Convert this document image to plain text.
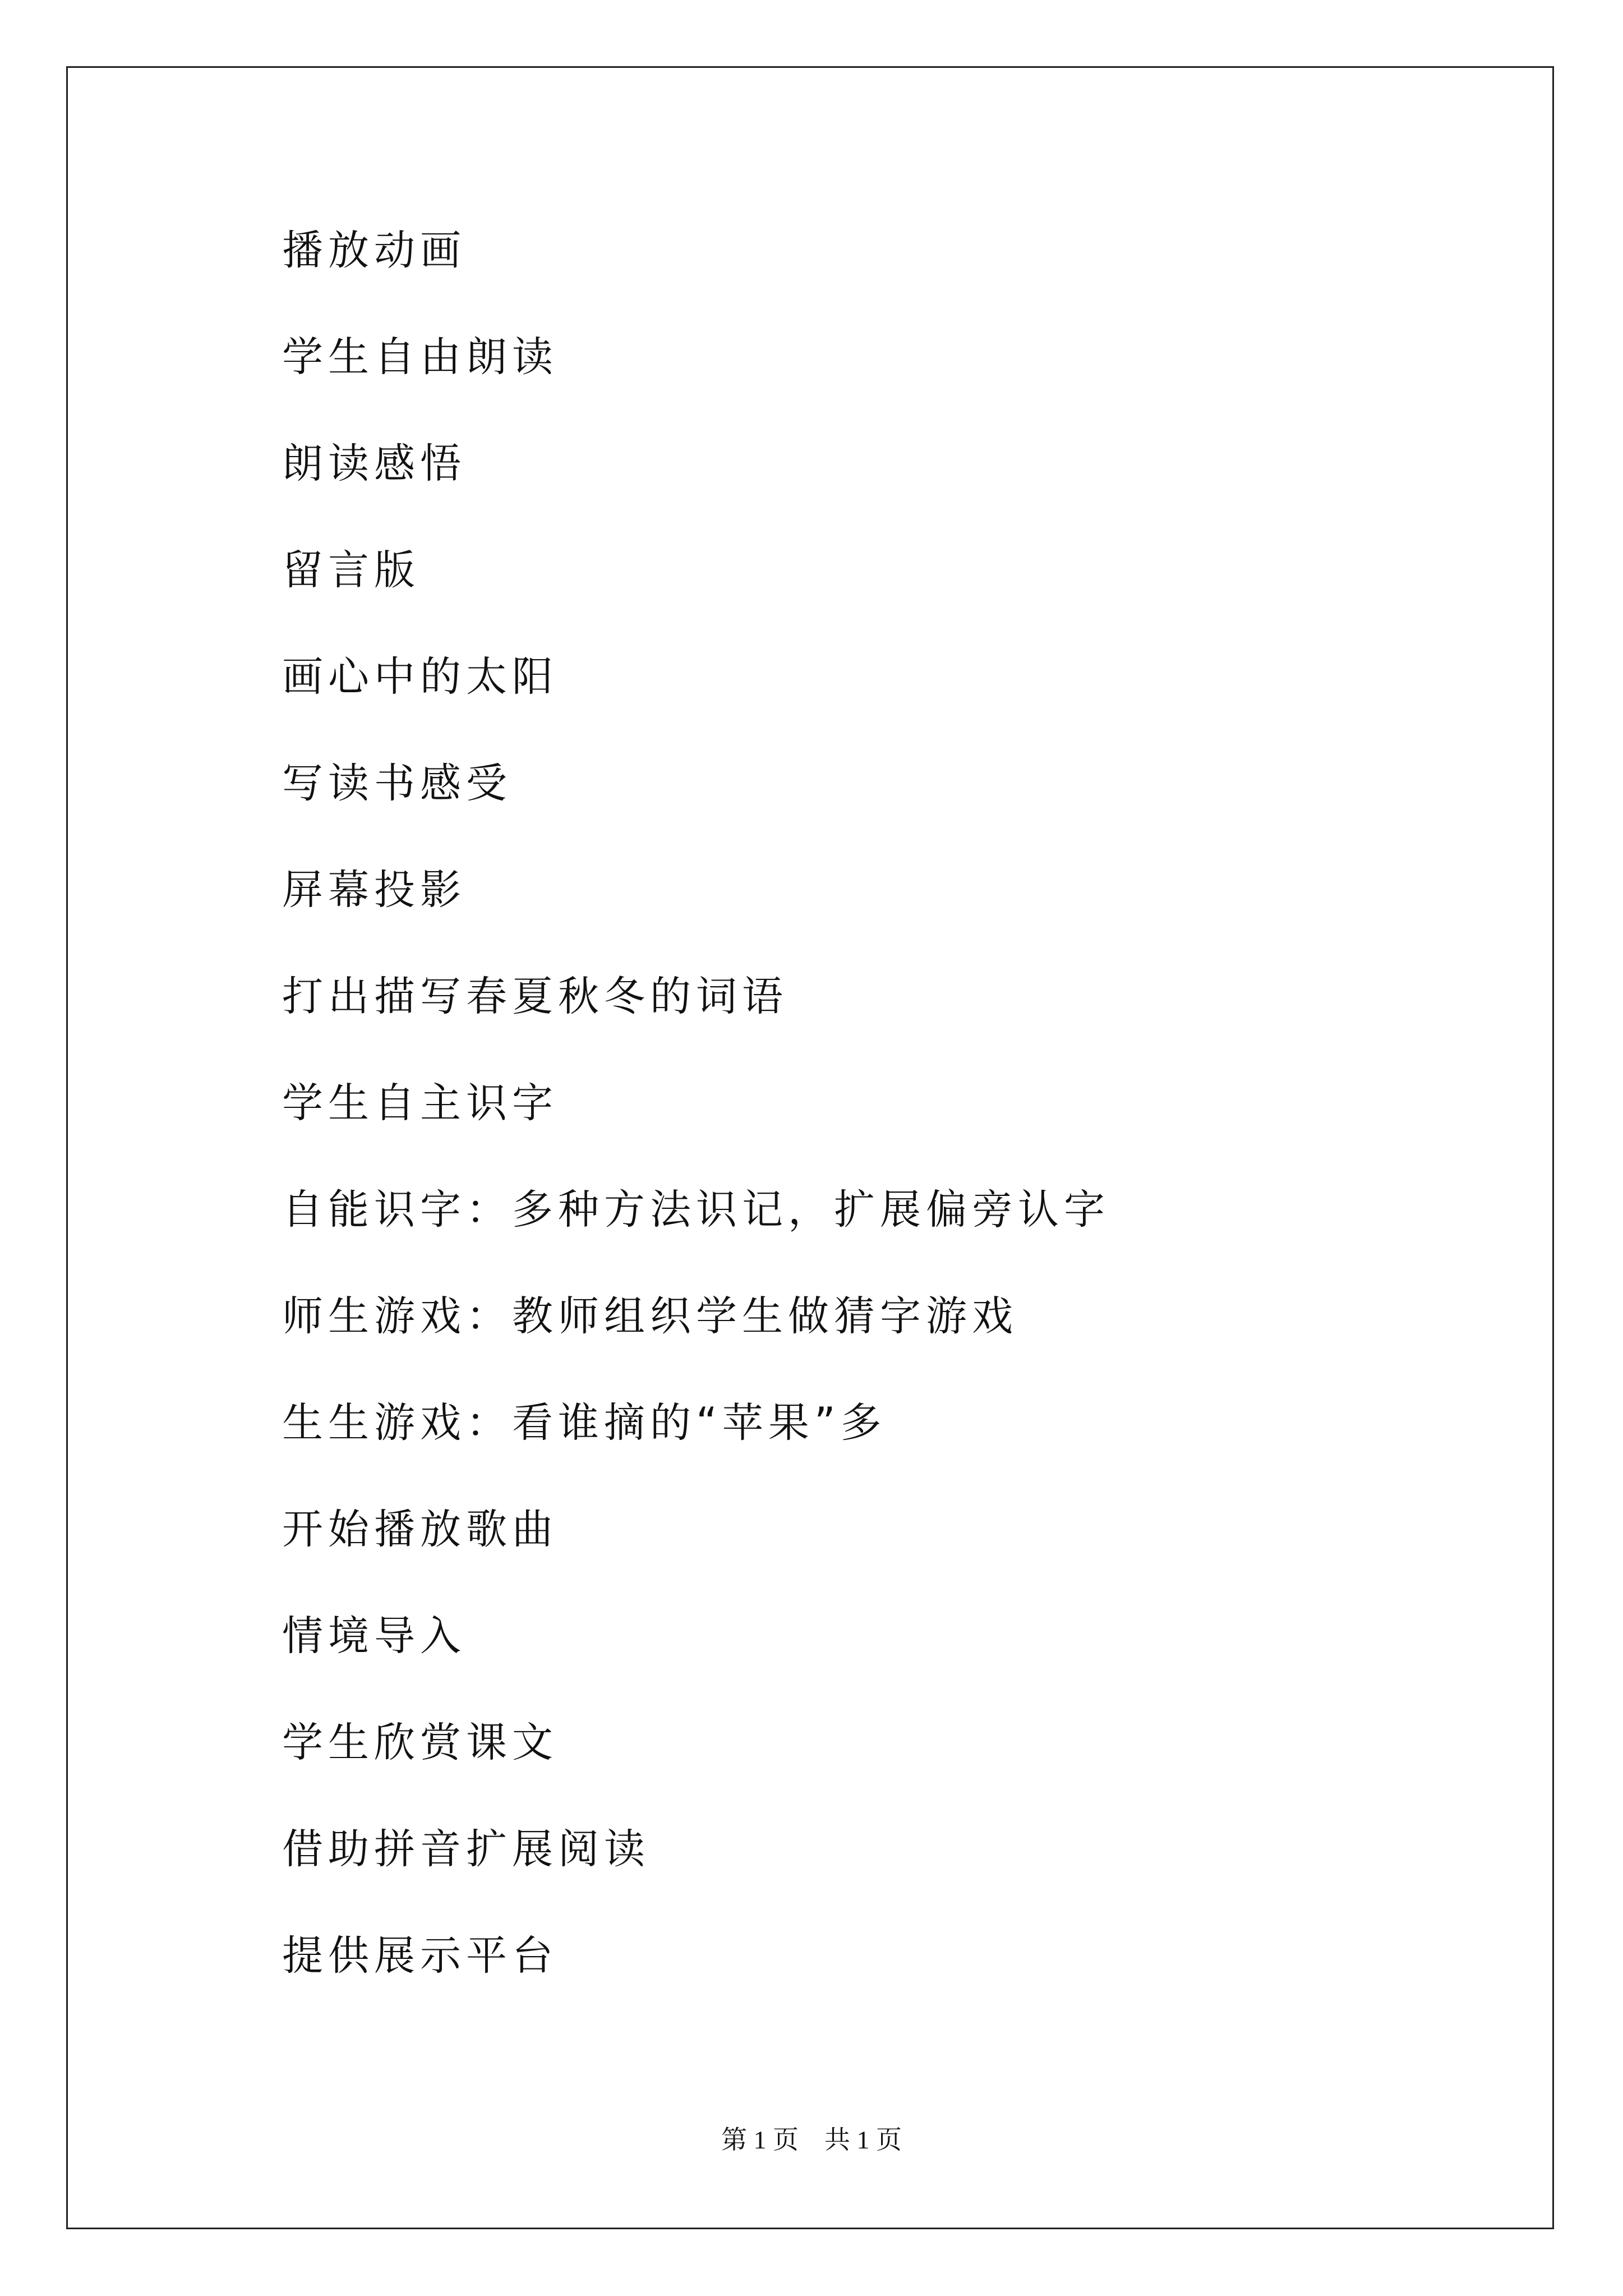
播放动画
学生自由朗读
朗读感悟
留言版
画心中的太阳
写读书感受
屏幕投影
打出描写春夏秋冬的词语
学生自主识字
自能识字：多种方法识记，扩展偏旁认字
师生游戏：教师组织学生做猜字游戏
生生游戏：看谁摘的“苹果”多
开始播放歌曲
情境导入
学生欣赏课文
借助拼音扩展阅读
提供展示平台
第 1 页　共 1 页
